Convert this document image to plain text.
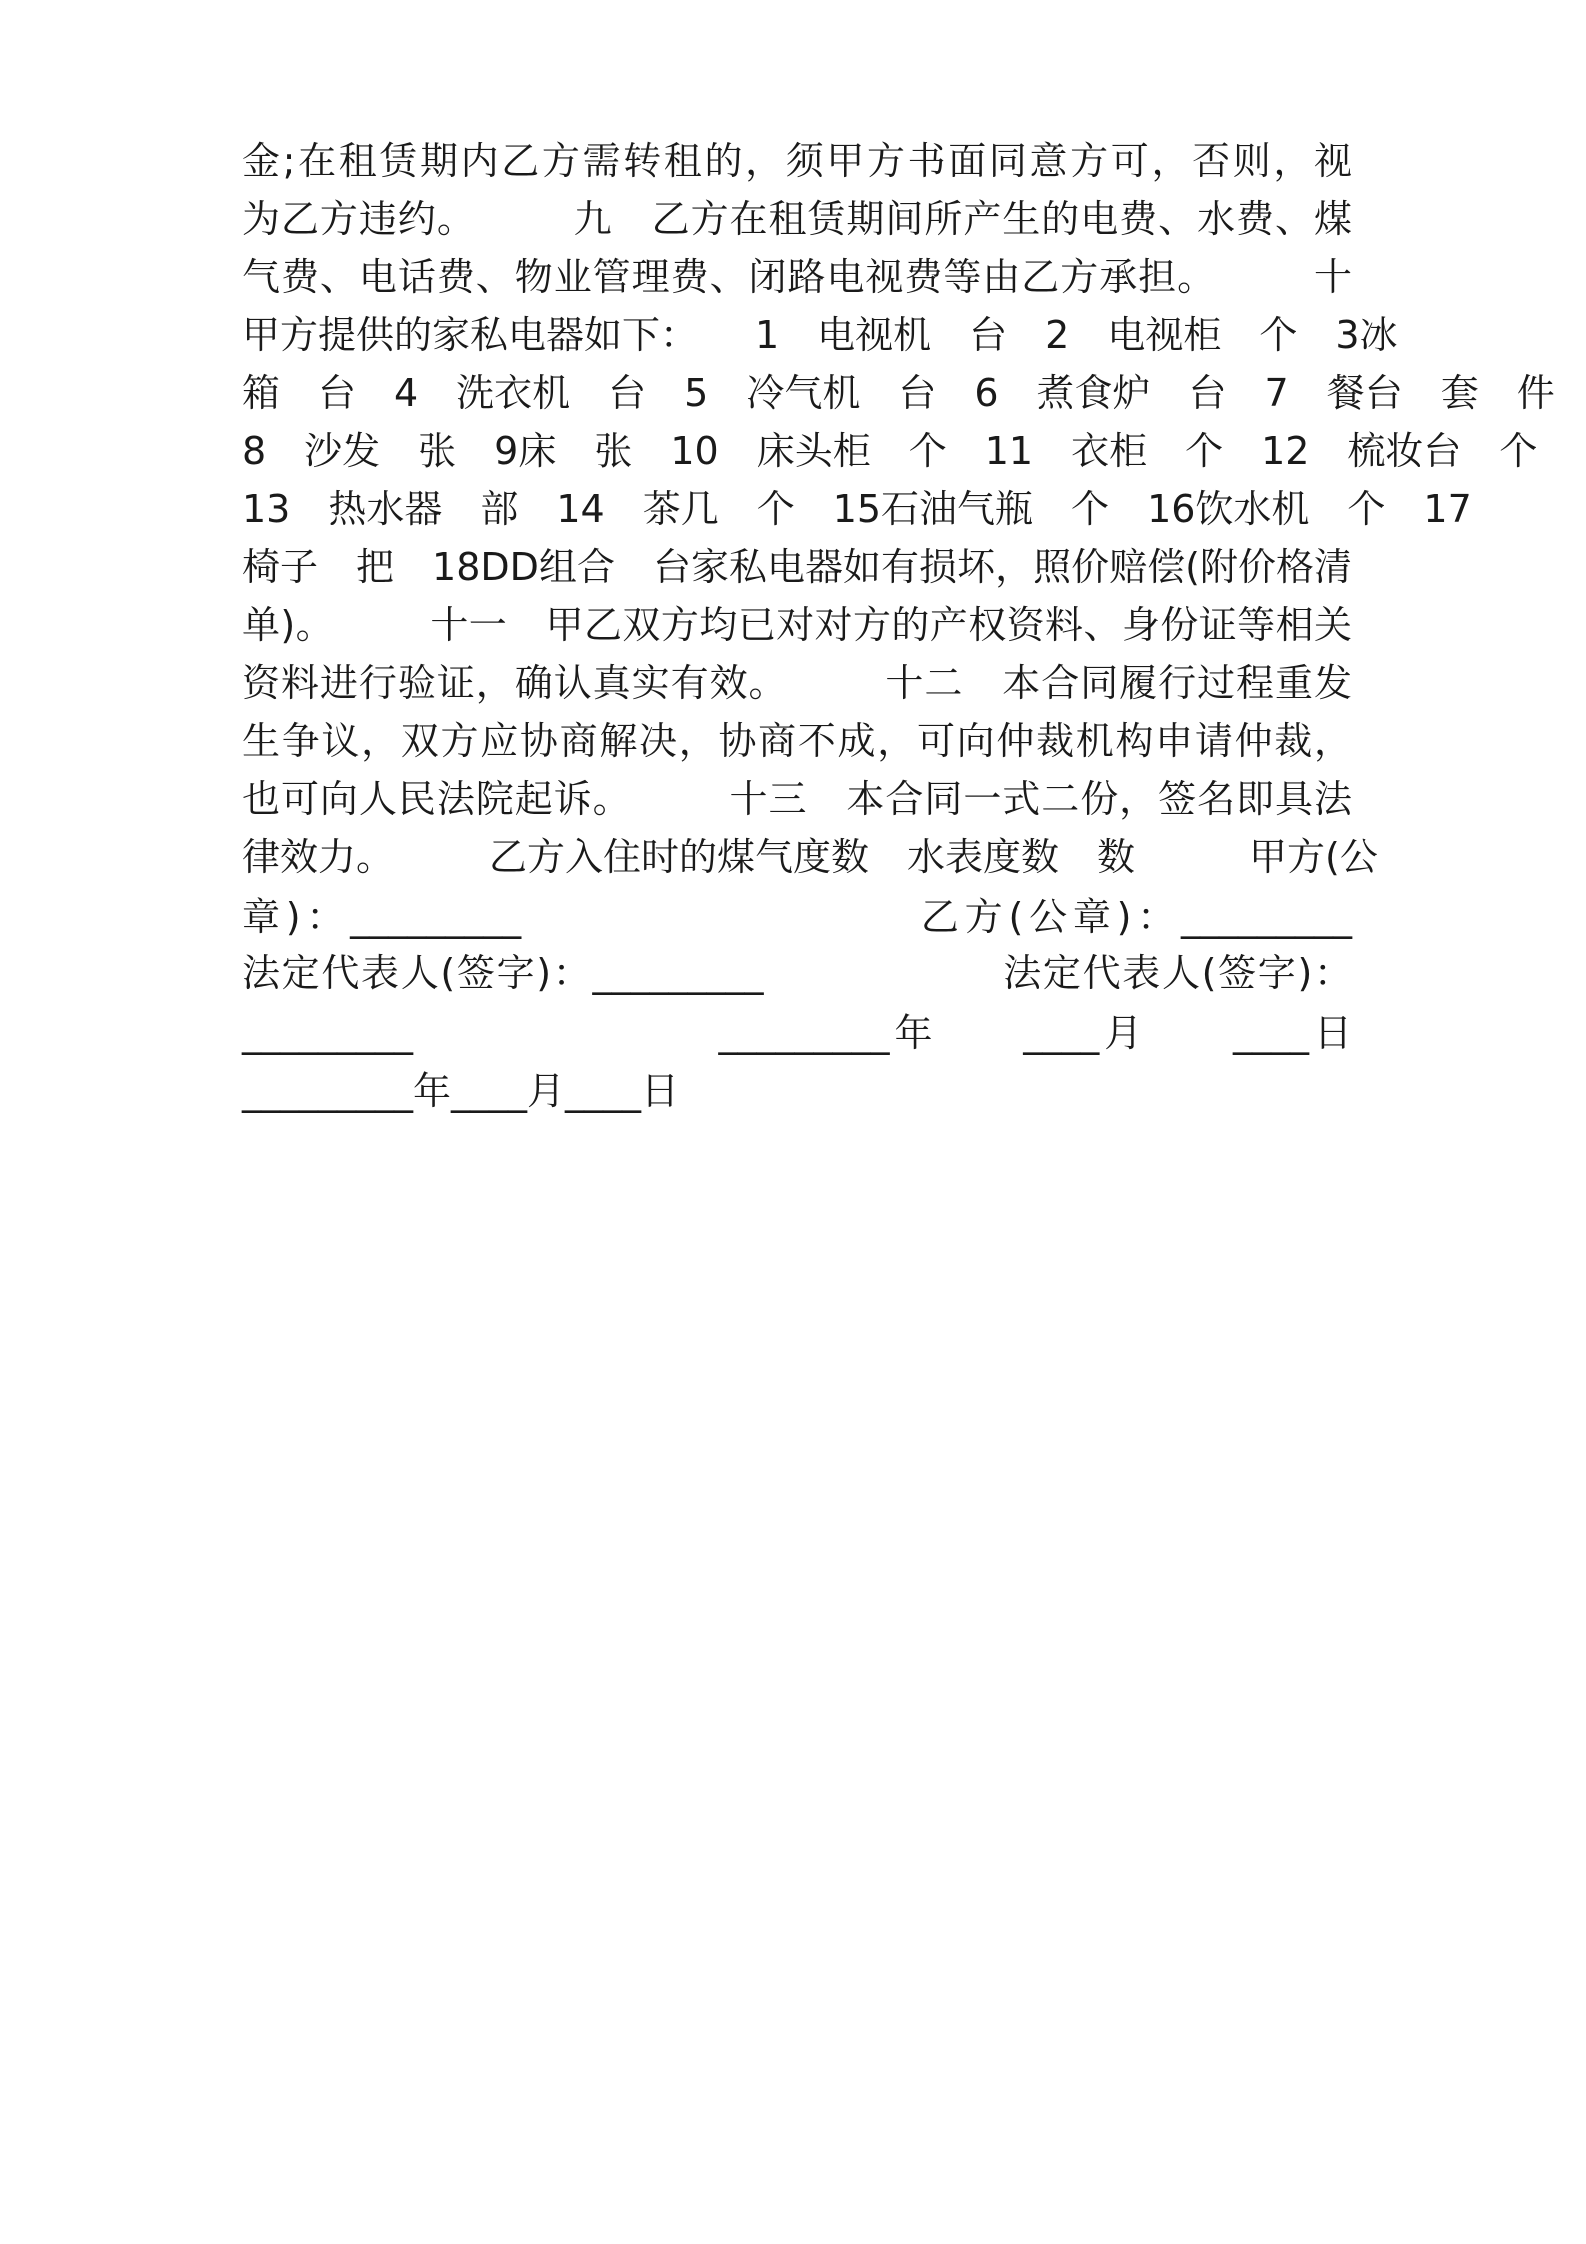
金;在租赁期内乙方需转租的，须甲方书面同意方可，否则，视
为乙方违约。　　　九　乙方在租赁期间所产生的电费、水费、煤
气费、电话费、物业管理费、闭路电视费等由乙方承担。　　　十
甲方提供的家私电器如下：　　1　电视机　台　2　电视柜　个　3冰
箱　台　4　洗衣机　台　5　冷气机　台　6　煮食炉　台　7　餐台　套　件
8　沙发　张　9床　张　10　床头柜　个　11　衣柜　个　12　梳妆台　个
13　热水器　部　14　茶几　个　15石油气瓶　个　16饮水机　个　17
椅子　把　18DD组合　台家私电器如有损坏，照价赔偿(附价格清
单)。　　　十一　甲乙双方均已对对方的产权资料、身份证等相关
资料进行验证，确认真实有效。　　　十二　本合同履行过程重发
生争议，双方应协商解决，协商不成，可向仲裁机构申请仲裁，
也可向人民法院起诉。　　　十三　本合同一式二份，签名即具法
律效力。　　　乙方入住时的煤气度数　水表度数　数　　　甲方(公
章)：_________　　　　　　　　　乙方(公章)：_________
法定代表人(签字)：_________　　　　　　法定代表人(签字)：
_________　　　　　　　_________年　　____月　　____日
_________年____月____日
